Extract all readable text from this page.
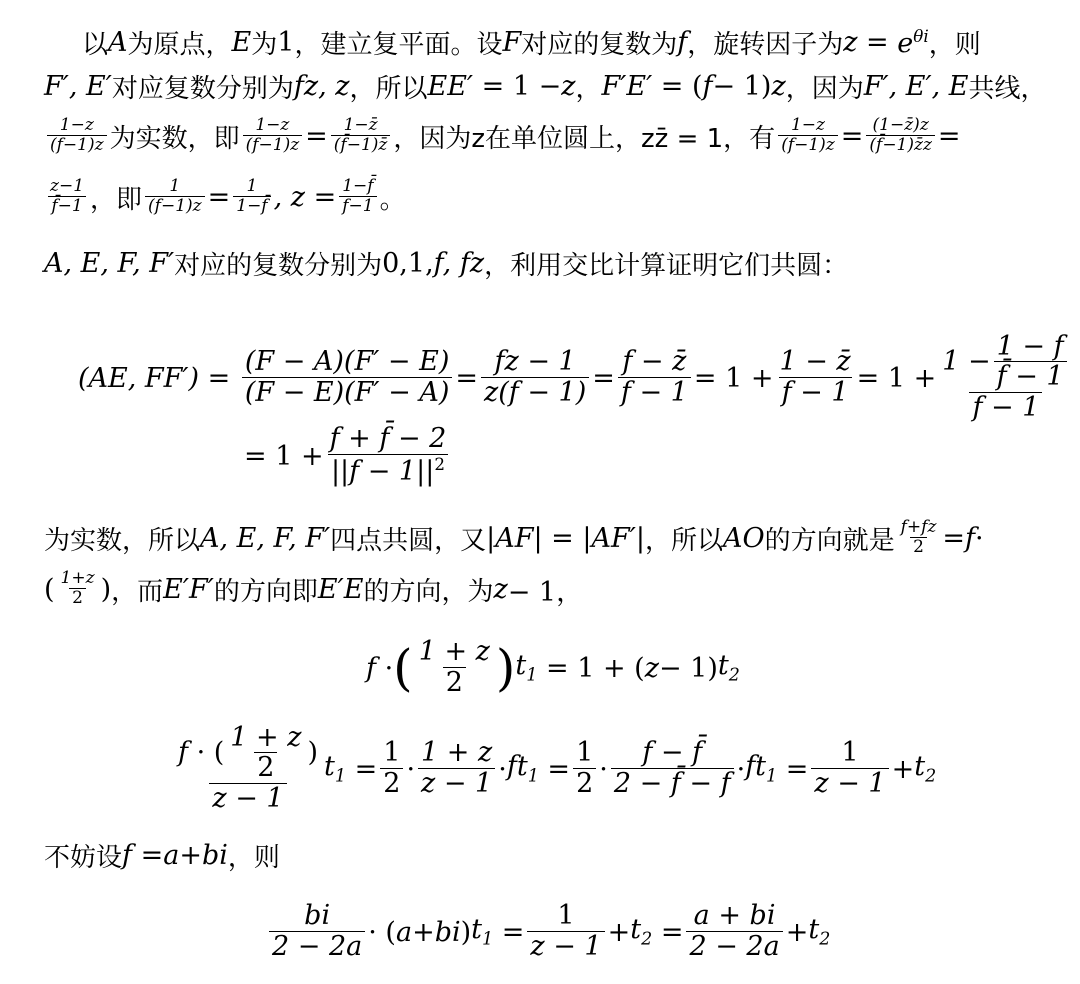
以 A 为原点， E 为 1 ，建立复平面。设 F 对应的复数为 f ，旋转因子为 $z = e^{\theta i}$ ，则
F′, E′ 对应复数分别为 fz, z ，所以 EE′ = 1 − z ， F′E′ = ( f − 1) z ，因为 F′, E′, E 共线，
$\frac{1-z}{(f-1)z}$ 为实数，即 $\frac{1-z}{(f-1)z} = \frac{1-z̄}{(f̄-1)z̄}$ ，因为z在单位圆上，zz̄ = 1，有 $\frac{1-z}{(f-1)z} = \frac{(1-z̄)z}{(f̄-1)z̄z}$ =
$\frac{z-1}{f̄-1}$ ，即 $\frac{1}{(f-1)z} = \frac{1}{1-f̄}$ , $z = \frac{1-f̄}{f-1}$ 。
A, E, F, F′ 对应的复数分别为 0,1, f, fz ，利用交比计算证明它们共圆：
(AE, $FF') = \frac{(F - A)(F' - E)}{(F - E)(F' - A)} = \frac{fz - 1}{z(f - 1)} = \frac{f - z̄}{f - 1} = 1 + \frac{1 - z̄}{f - 1} = 1 + \frac{1 - \frac{1 - f}{f̄ - 1}}{f - 1}$
= $1 + \frac{f + f̄ - 2}{||f - 1||^2}$
为实数，所以 A, E, F, F′ 四点共圆，又 | AF | = | AF′ | ，所以 AO 的方向就是 $\frac{f+fz}{2} = f$ ·
( $\frac{1+z}{2}$ ) ，而 E′F′ 的方向即 E′E 的方向，为 z − 1，
f · ( $\frac{1 + z}{2}$ ) $t_1 = 1$ + ( z − 1) $t_2$
$\frac{f \cdot ( \frac{1 + z}{2} )}{z - 1} t_1 = \frac{1}{2} \cdot \frac{1 + z}{z - 1} \cdot ft_1 = \frac{1}{2} \cdot \frac{f - f̄}{2 - f̄ - f} \cdot ft_1 = \frac{1}{z - 1} + t_2$
不妨设 f = a + bi ，则
$\frac{bi}{2 - 2a}$ · ( a + bi ) $t_1 = \frac{1}{z - 1} + t_2 = \frac{a + bi}{2 - 2a} + t_2$
